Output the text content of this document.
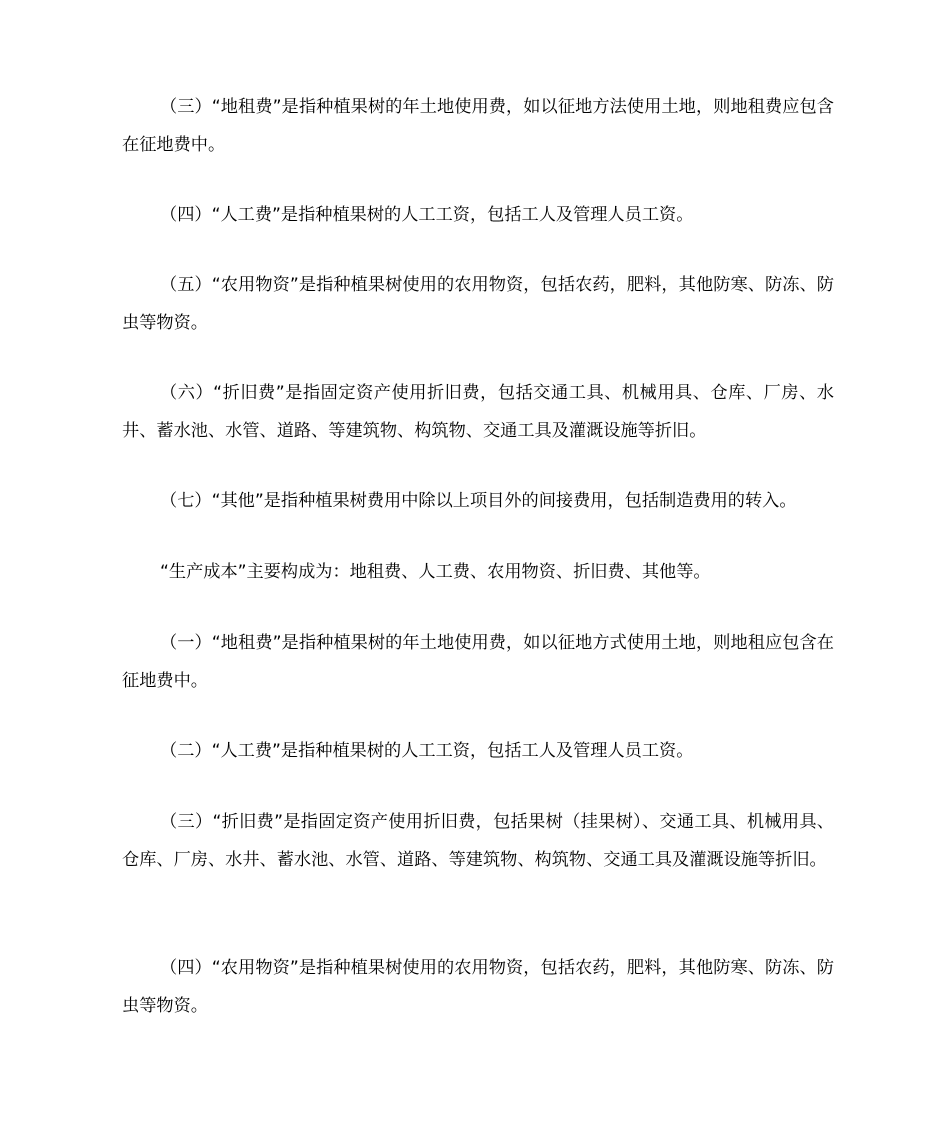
（三）“地租费”是指种植果树的年土地使用费，如以征地方法使用土地，则地租费应包含在征地费中。

（四）“人工费”是指种植果树的人工工资，包括工人及管理人员工资。

（五）“农用物资”是指种植果树使用的农用物资，包括农药，肥料，其他防寒、防冻、防虫等物资。

（六）“折旧费”是指固定资产使用折旧费，包括交通工具、机械用具、仓库、厂房、水井、蓄水池、水管、道路、等建筑物、构筑物、交通工具及灌溉设施等折旧。

（七）“其他”是指种植果树费用中除以上项目外的间接费用，包括制造费用的转入。

“生产成本”主要构成为：地租费、人工费、农用物资、折旧费、其他等。

（一）“地租费”是指种植果树的年土地使用费，如以征地方式使用土地，则地租应包含在征地费中。

（二）“人工费”是指种植果树的人工工资，包括工人及管理人员工资。

（三）“折旧费”是指固定资产使用折旧费，包括果树（挂果树）、交通工具、机械用具、仓库、厂房、水井、蓄水池、水管、道路、等建筑物、构筑物、交通工具及灌溉设施等折旧。

（四）“农用物资”是指种植果树使用的农用物资，包括农药，肥料，其他防寒、防冻、防虫等物资。
